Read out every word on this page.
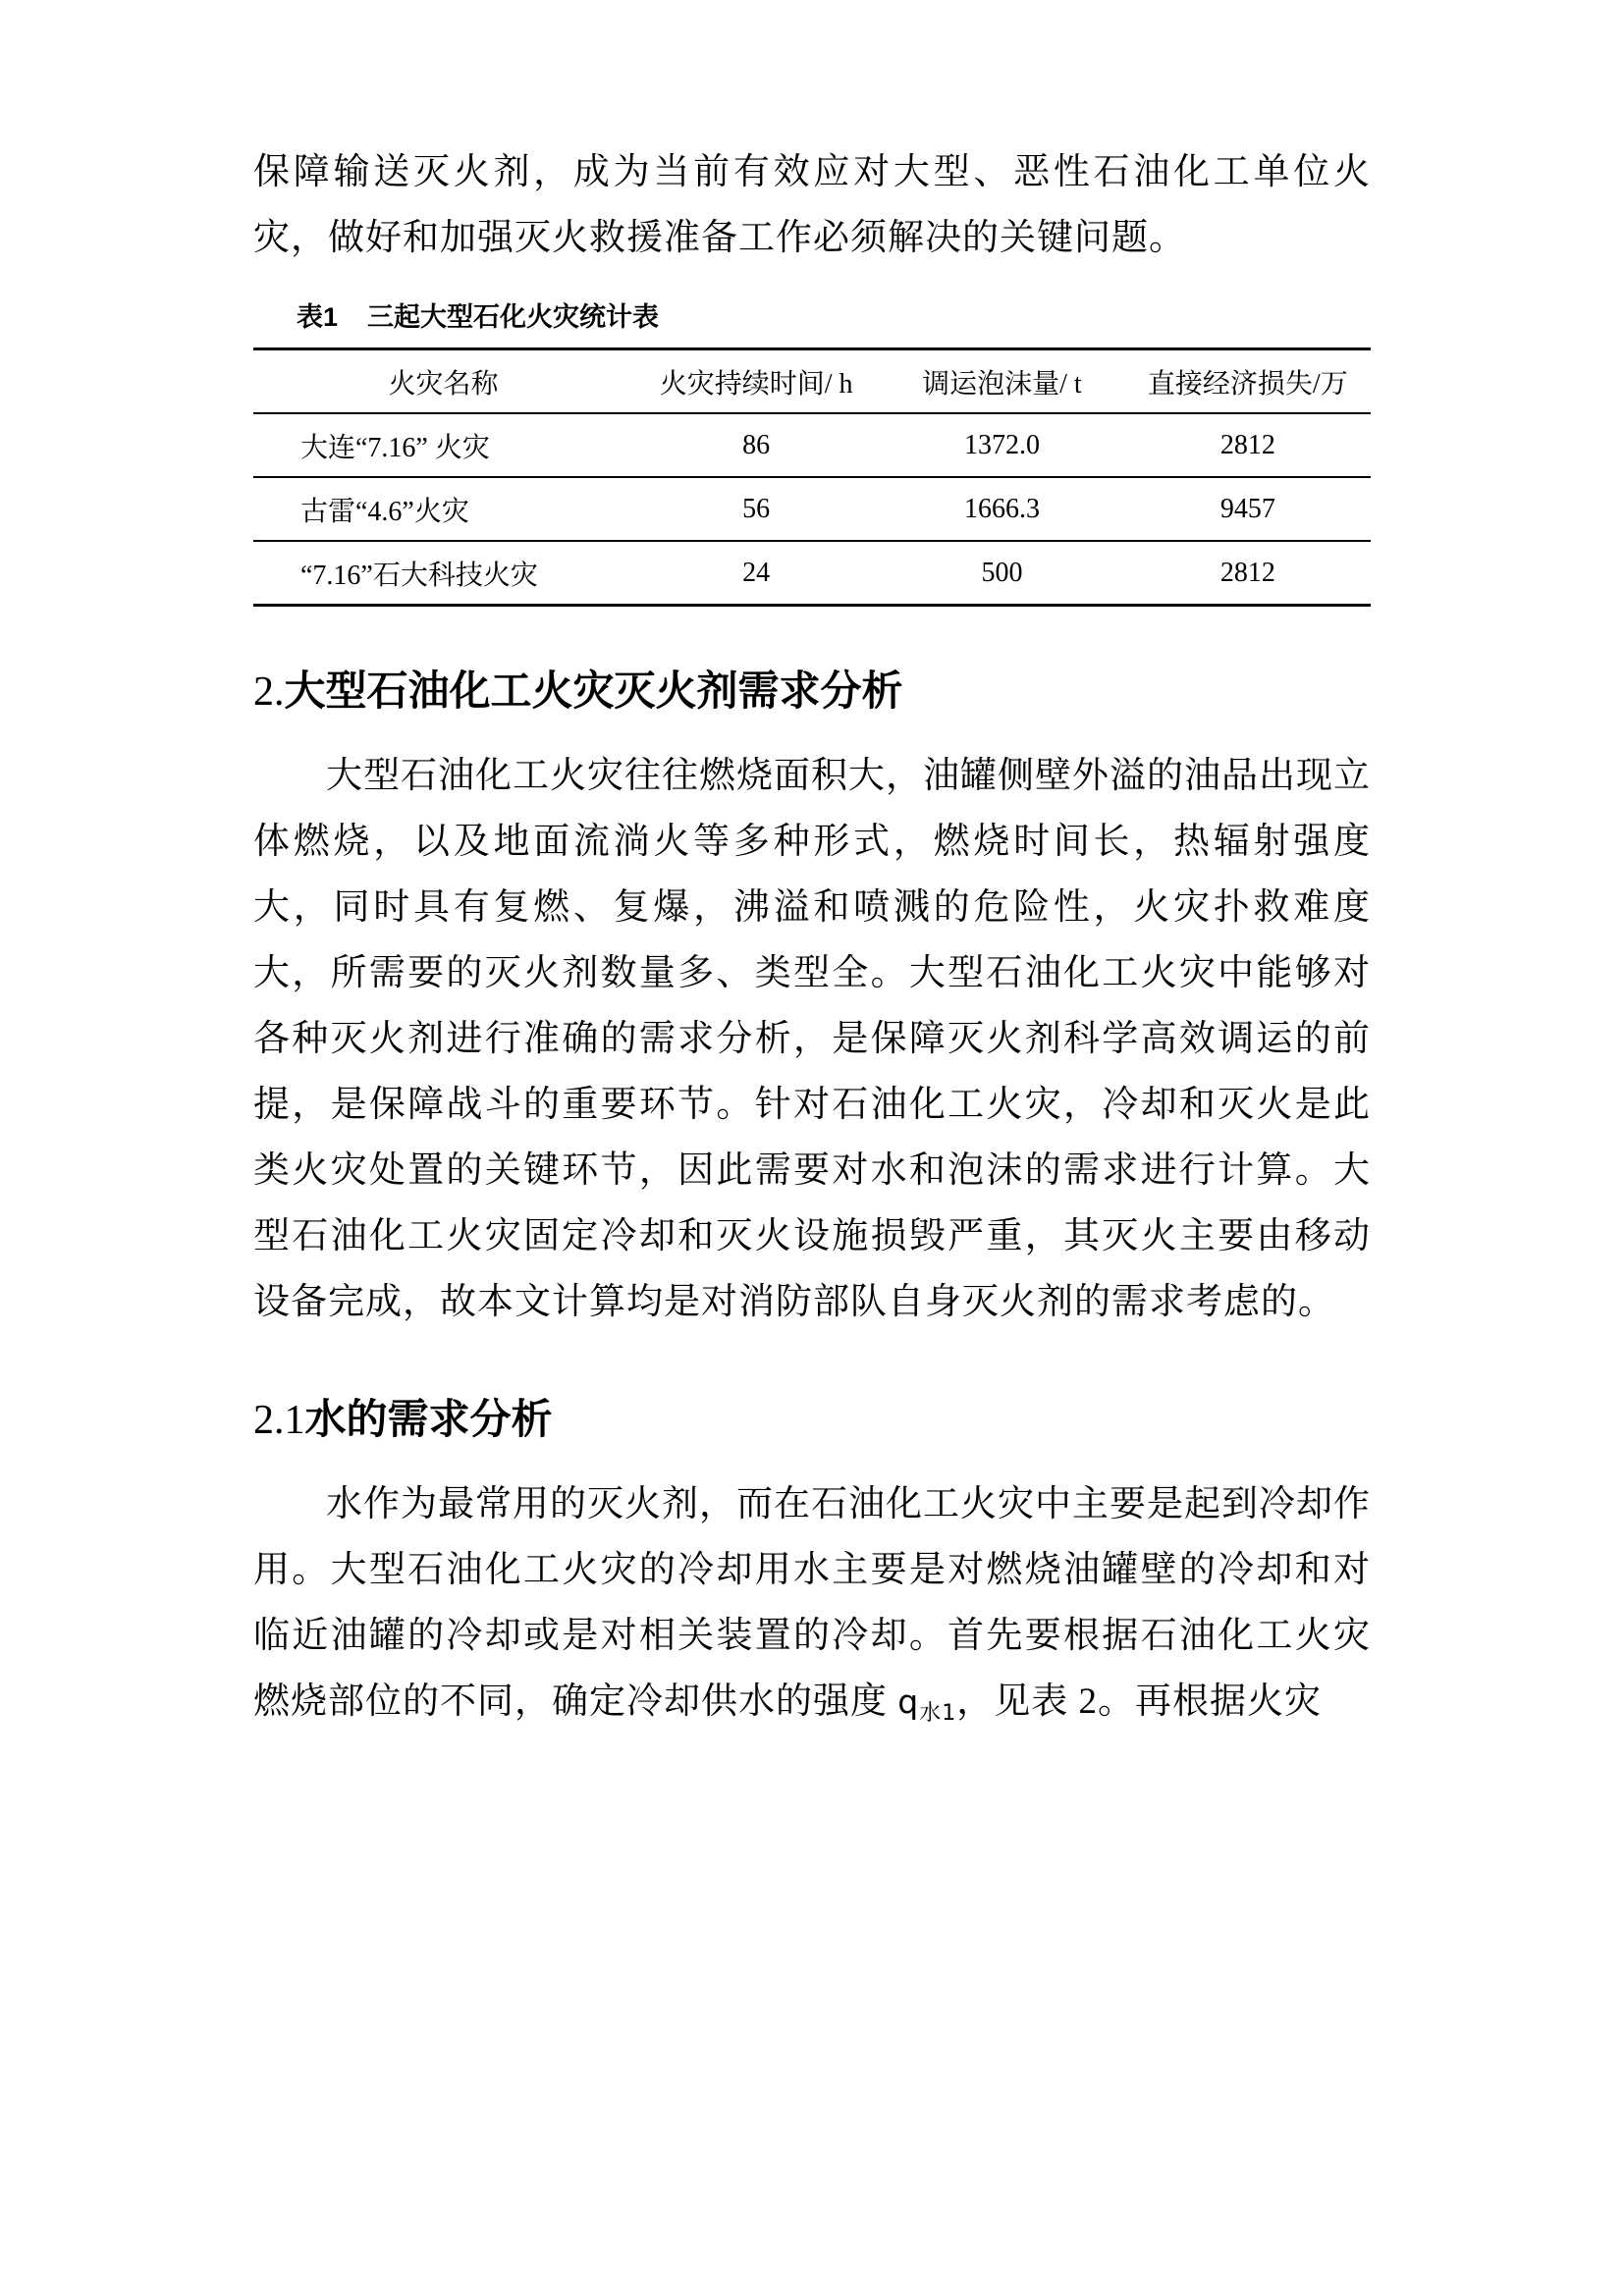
保障输送灭火剂，成为当前有效应对大型、恶性石油化工单位火灾，做好和加强灭火救援准备工作必须解决的关键问题。

表1 三起大型石化火灾统计表
火灾名称	火灾持续时间/ h	调运泡沫量/ t	直接经济损失/万
大连“7.16” 火灾	86	1372.0	2812
古雷“4.6”火灾	56	1666.3	9457
“7.16”石大科技火灾	24	500	2812
2.大型石油化工火灾灭火剂需求分析

大型石油化工火灾往往燃烧面积大，油罐侧壁外溢的油品出现立体燃烧，以及地面流淌火等多种形式，燃烧时间长，热辐射强度大，同时具有复燃、复爆，沸溢和喷溅的危险性，火灾扑救难度大，所需要的灭火剂数量多、类型全。大型石油化工火灾中能够对各种灭火剂进行准确的需求分析，是保障灭火剂科学高效调运的前提，是保障战斗的重要环节。针对石油化工火灾，冷却和灭火是此类火灾处置的关键环节，因此需要对水和泡沫的需求进行计算。大型石油化工火灾固定冷却和灭火设施损毁严重，其灭火主要由移动设备完成，故本文计算均是对消防部队自身灭火剂的需求考虑的。

2.1水的需求分析

水作为最常用的灭火剂，而在石油化工火灾中主要是起到冷却作用。大型石油化工火灾的冷却用水主要是对燃烧油罐壁的冷却和对临近油罐的冷却或是对相关装置的冷却。首先要根据石油化工火灾燃烧部位的不同，确定冷却供水的强度 q水1，见表 2。再根据火灾
